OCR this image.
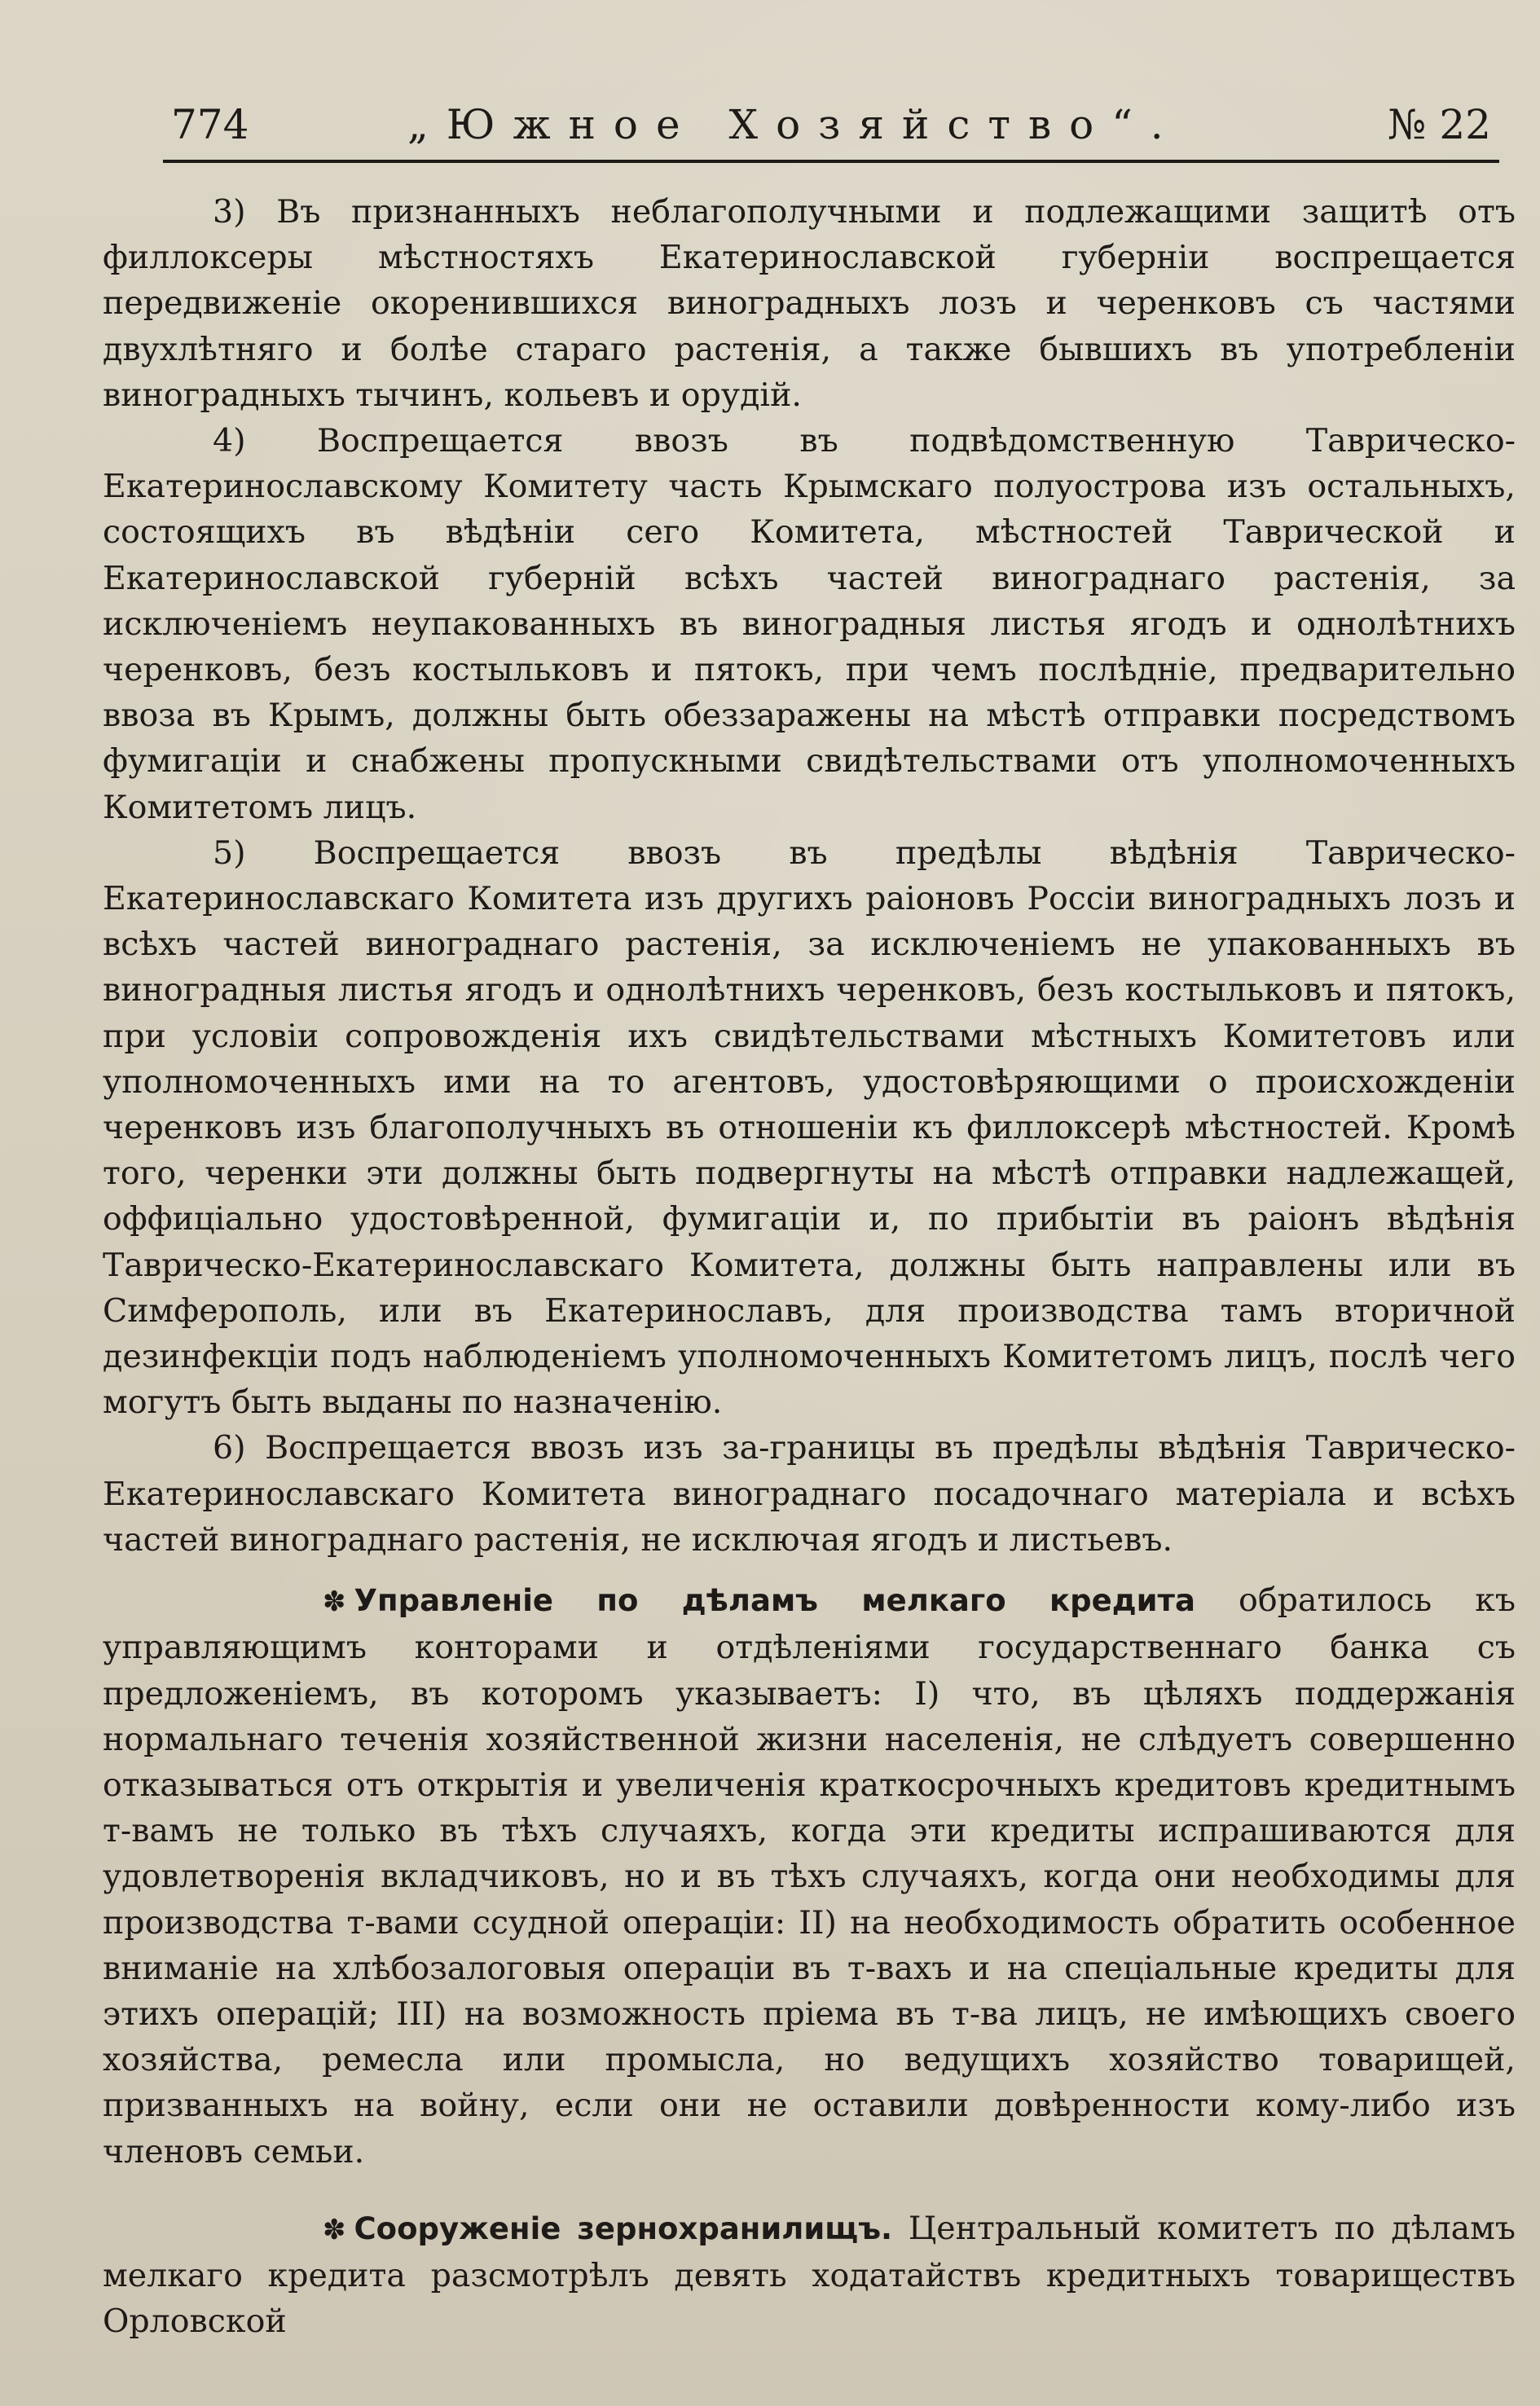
774	„Южное Хозяйство“.	№ 22

3) Въ признанныхъ неблагополучными и подлежащими защитѣ отъ филлоксеры мѣстностяхъ Екатеринославской губерніи воспрещается передвиженіе окоренившихся виноградныхъ лозъ и черенковъ съ частями двухлѣтняго и болѣе стараго растенія, а также бывшихъ въ употребленіи виноградныхъ тычинъ, кольевъ и орудій.

4) Воспрещается ввозъ въ подвѣдомственную Таврическо-Екатеринославскому Комитету часть Крымскаго полуострова изъ остальныхъ, состоящихъ въ вѣдѣніи сего Комитета, мѣстностей Таврической и Екатеринославской губерній всѣхъ частей винограднаго растенія, за исключеніемъ неупакованныхъ въ виноградныя листья ягодъ и однолѣтнихъ черенковъ, безъ костыльковъ и пятокъ, при чемъ послѣдніе, предварительно ввоза въ Крымъ, должны быть обеззаражены на мѣстѣ отправки посредствомъ фумигаціи и снабжены пропускными свидѣтельствами отъ уполномоченныхъ Комитетомъ лицъ.

5) Воспрещается ввозъ въ предѣлы вѣдѣнія Таврическо-Екатеринославскаго Комитета изъ другихъ раіоновъ Россіи виноградныхъ лозъ и всѣхъ частей винограднаго растенія, за исключеніемъ не упакованныхъ въ виноградныя листья ягодъ и однолѣтнихъ черенковъ, безъ костыльковъ и пятокъ, при условіи сопровожденія ихъ свидѣтельствами мѣстныхъ Комитетовъ или уполномоченныхъ ими на то агентовъ, удостовѣряющими о происхожденіи черенковъ изъ благополучныхъ въ отношеніи къ филлоксерѣ мѣстностей. Кромѣ того, черенки эти должны быть подвергнуты на мѣстѣ отправки надлежащей, оффиціально удостовѣренной, фумигаціи и, по прибытіи въ раіонъ вѣдѣнія Таврическо-Екатеринославскаго Комитета, должны быть направлены или въ Симферополь, или въ Екатеринославъ, для производства тамъ вторичной дезинфекціи подъ наблюденіемъ уполномоченныхъ Комитетомъ лицъ, послѣ чего могутъ быть выданы по назначенію.

6) Воспрещается ввозъ изъ за-границы въ предѣлы вѣдѣнія Таврическо-Екатеринославскаго Комитета винограднаго посадочнаго матеріала и всѣхъ частей винограднаго растенія, не исключая ягодъ и листьевъ.

✽ Управленіе по дѣламъ мелкаго кредита обратилось къ управляющимъ конторами и отдѣленіями государственнаго банка съ предложеніемъ, въ которомъ указываетъ: I) что, въ цѣляхъ поддержанія нормальнаго теченія хозяйственной жизни населенія, не слѣдуетъ совершенно отказываться отъ открытія и увеличенія краткосрочныхъ кредитовъ кредитнымъ т-вамъ не только въ тѣхъ случаяхъ, когда эти кредиты испрашиваются для удовлетворенія вкладчиковъ, но и въ тѣхъ случаяхъ, когда они необходимы для производства т-вами ссудной операціи: II) на необходимость обратить особенное вниманіе на хлѣбозалоговыя операціи въ т-вахъ и на спеціальные кредиты для этихъ операцій; III) на возможность пріема въ т-ва лицъ, не имѣющихъ своего хозяйства, ремесла или промысла, но ведущихъ хозяйство товарищей, призванныхъ на войну, если они не оставили довѣренности кому-либо изъ членовъ семьи.

✽ Сооруженіе зернохранилищъ. Центральный комитетъ по дѣламъ мелкаго кредита разсмотрѣлъ девять ходатайствъ кредитныхъ товариществъ Орловской
